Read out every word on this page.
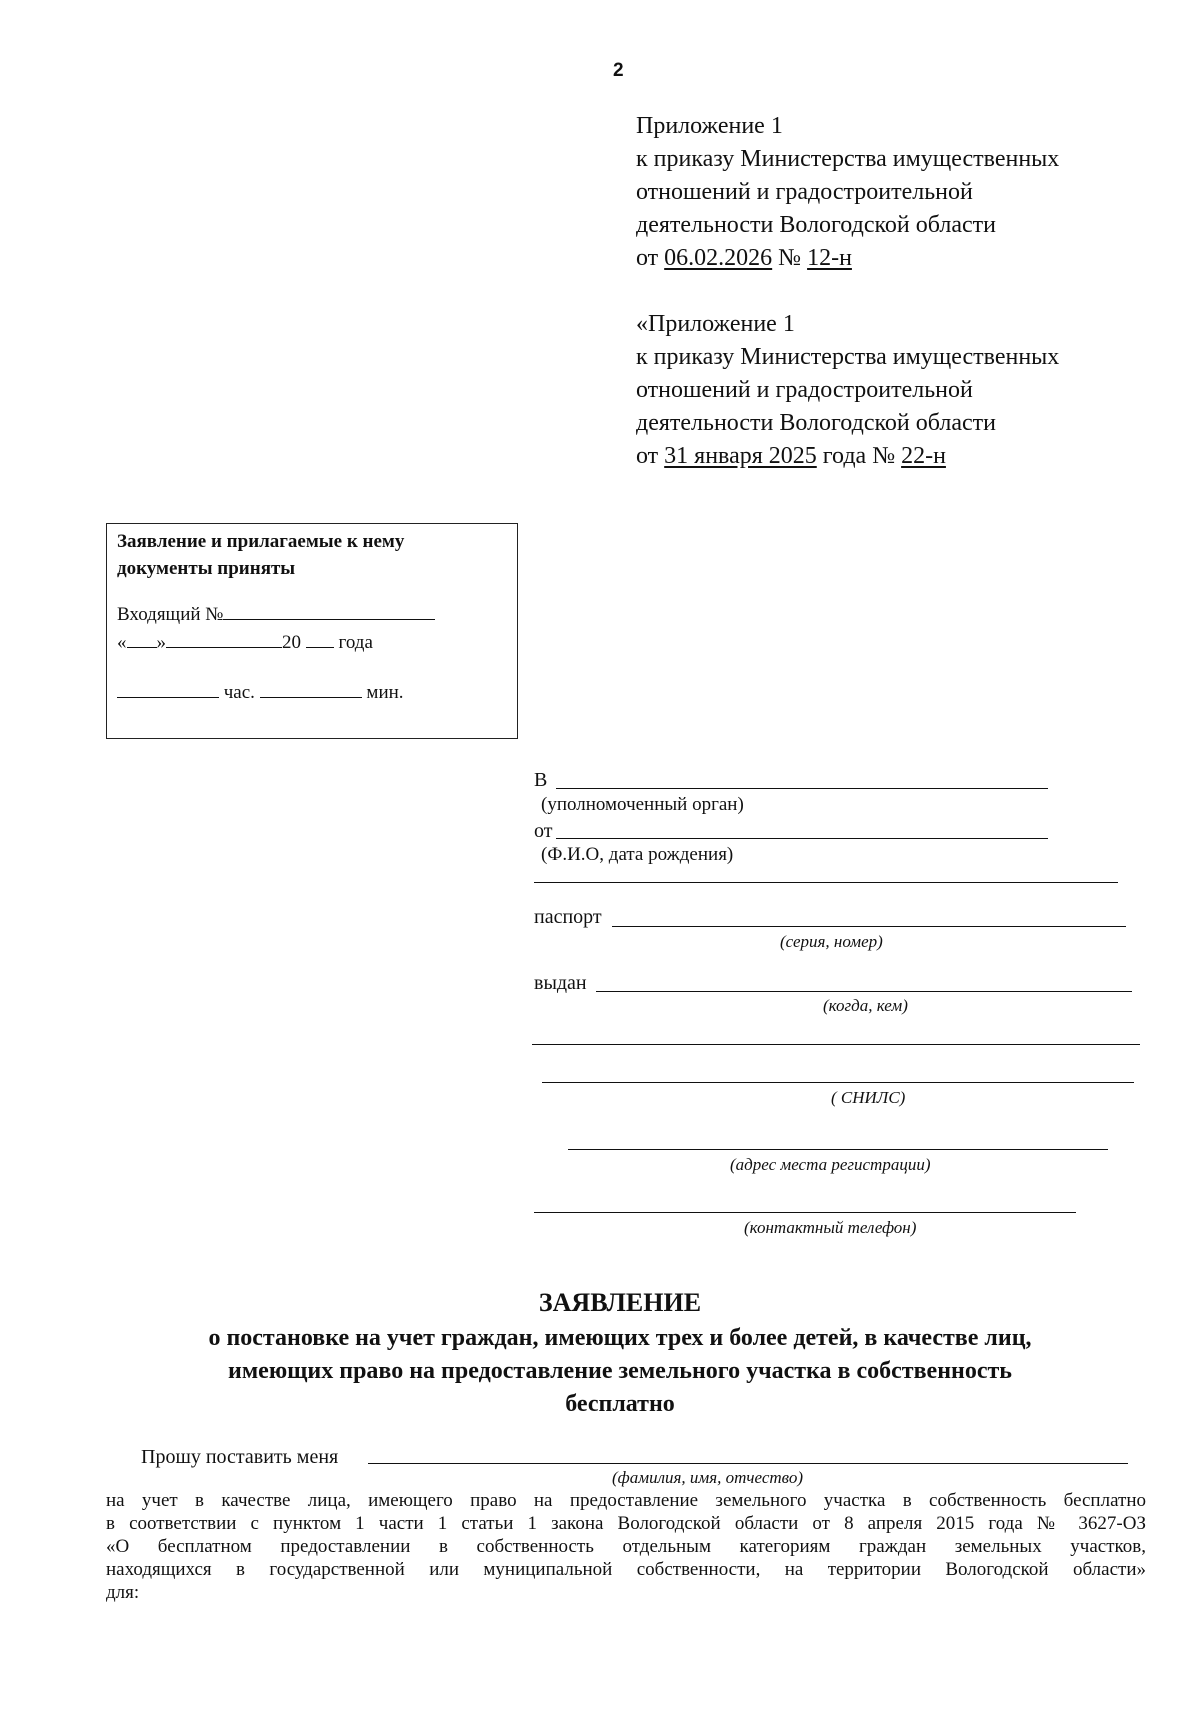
2
Приложение 1
к приказу Министерства имущественных
отношений и градостроительной
деятельности Вологодской области
от 06.02.2026 № 12-н
«Приложение 1
к приказу Министерства имущественных
отношений и градостроительной
деятельности Вологодской области
от 31 января 2025 года № 22-н
Заявление и прилагаемые к нему
документы приняты
Входящий №
« »	20 года
час.	мин.
В
(уполномоченный орган)
от
(Ф.И.О, дата рождения)
паспорт
(серия, номер)
выдан
(когда, кем)
( СНИЛС)
(адрес места регистрации)
(контактный телефон)
ЗАЯВЛЕНИЕ
о постановке на учет граждан, имеющих трех и более детей, в качестве лиц,
имеющих право на предоставление земельного участка в собственность
бесплатно
Прошу поставить меня
(фамилия, имя, отчество)
на учет в качестве лица, имеющего право на предоставление земельного участка в собственность бесплатно
в соответствии с пунктом 1 части 1 статьи 1 закона Вологодской области от 8 апреля 2015 года № 3627-ОЗ
«О бесплатном предоставлении в собственность отдельным категориям граждан земельных участков,
находящихся в государственной или муниципальной собственности, на территории Вологодской области»
для:
